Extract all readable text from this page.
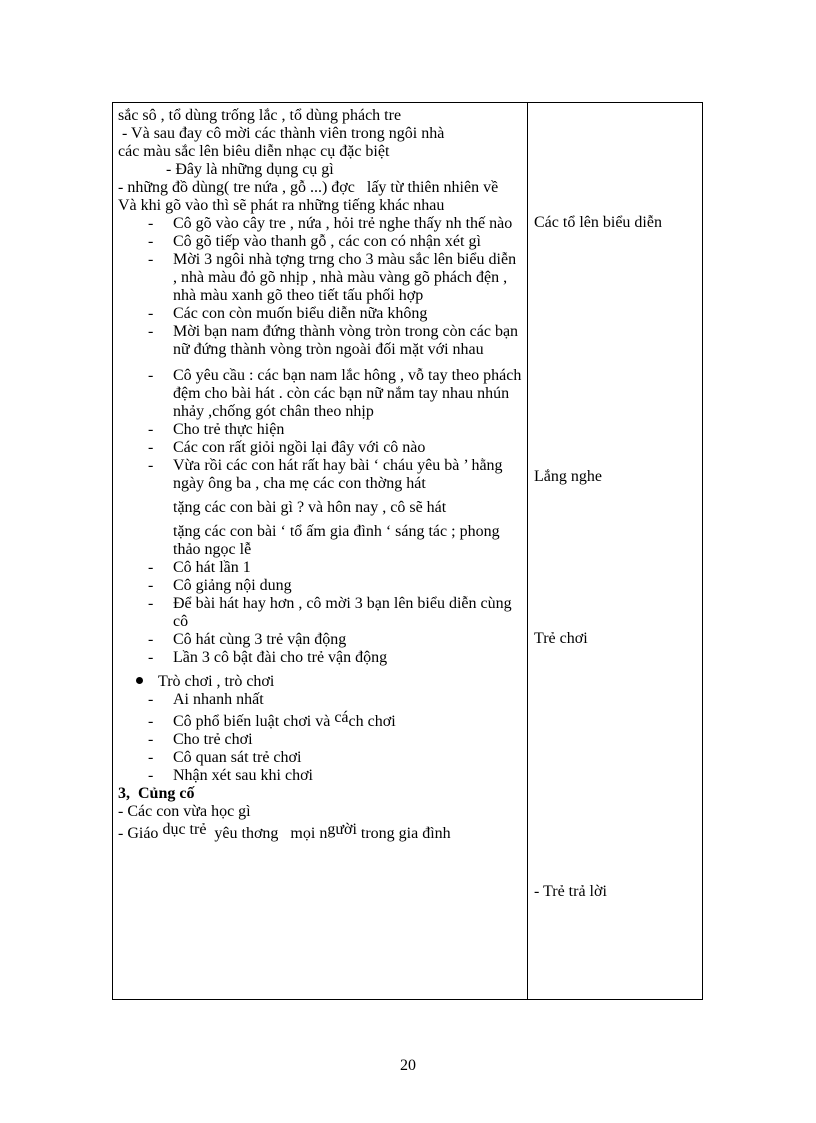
sắc sô , tổ dùng trống lắc , tổ dùng phách tre

- Và sau đay cô mời các thành viên trong ngôi nhà

các màu sắc lên biêu diễn nhạc cụ đặc biệt

- Đây là những dụng cụ gì

- những đồ dùng( tre nứa , gỗ ...) đợc   lấy từ thiên nhiên về

Và khi gõ vào thì sẽ phát ra những tiếng khác nhau

- Cô gõ vào cây tre , nứa , hỏi trẻ nghe thấy nh thế nào
- Cô gõ tiếp vào thanh gỗ , các con có nhận xét gì
- Mời 3 ngôi nhà tợng trng cho 3 màu sắc lên biểu diễn , nhà màu đỏ gõ nhịp , nhà màu vàng gõ phách đện , nhà màu xanh gõ theo tiết tấu phối hợp
- Các con còn muốn biểu diễn nữa không
- Mời bạn nam đứng thành vòng tròn trong còn các bạn nữ đứng thành vòng tròn ngoài đối mặt với nhau
- Cô yêu cầu : các bạn nam lắc hông , vỗ tay theo phách đệm cho bài hát . còn các bạn nữ nắm tay nhau nhún nhảy ,chống gót chân theo nhịp
- Cho trẻ thực hiện
- Các con rất giỏi ngồi lại đây với cô nào
- Vừa rồi các con hát rất hay bài ‘ cháu yêu bà ’ hằng ngày ông ba , cha mẹ các con thờng hát

tặng các con bài gì ? và hôn nay , cô sẽ hát

tặng các con bài ‘ tổ ấm gia đình ‘ sáng tác ; phong   thảo ngọc lễ

- Cô hát lần 1
- Cô giảng nội dung
- Để bài hát hay hơn , cô mời 3 bạn lên biểu diễn cùng cô
- Cô hát cùng 3 trẻ vận động
- Lần 3 cô bật đài cho trẻ vận động
Trò chơi , trò chơi
- Ai nhanh nhất
- Cô phổ biến luật chơi và cách chơi
- Cho trẻ chơi
- Cô quan sát trẻ chơi
- Nhận xét sau khi chơi

3,  Củng cố

- Các con vừa học gì

- Giáo dục trẻ  yêu thơng   mọi người trong gia đình

Các tổ lên biểu diễn
Lắng nghe
Trẻ chơi
- Trẻ trả lời
20
